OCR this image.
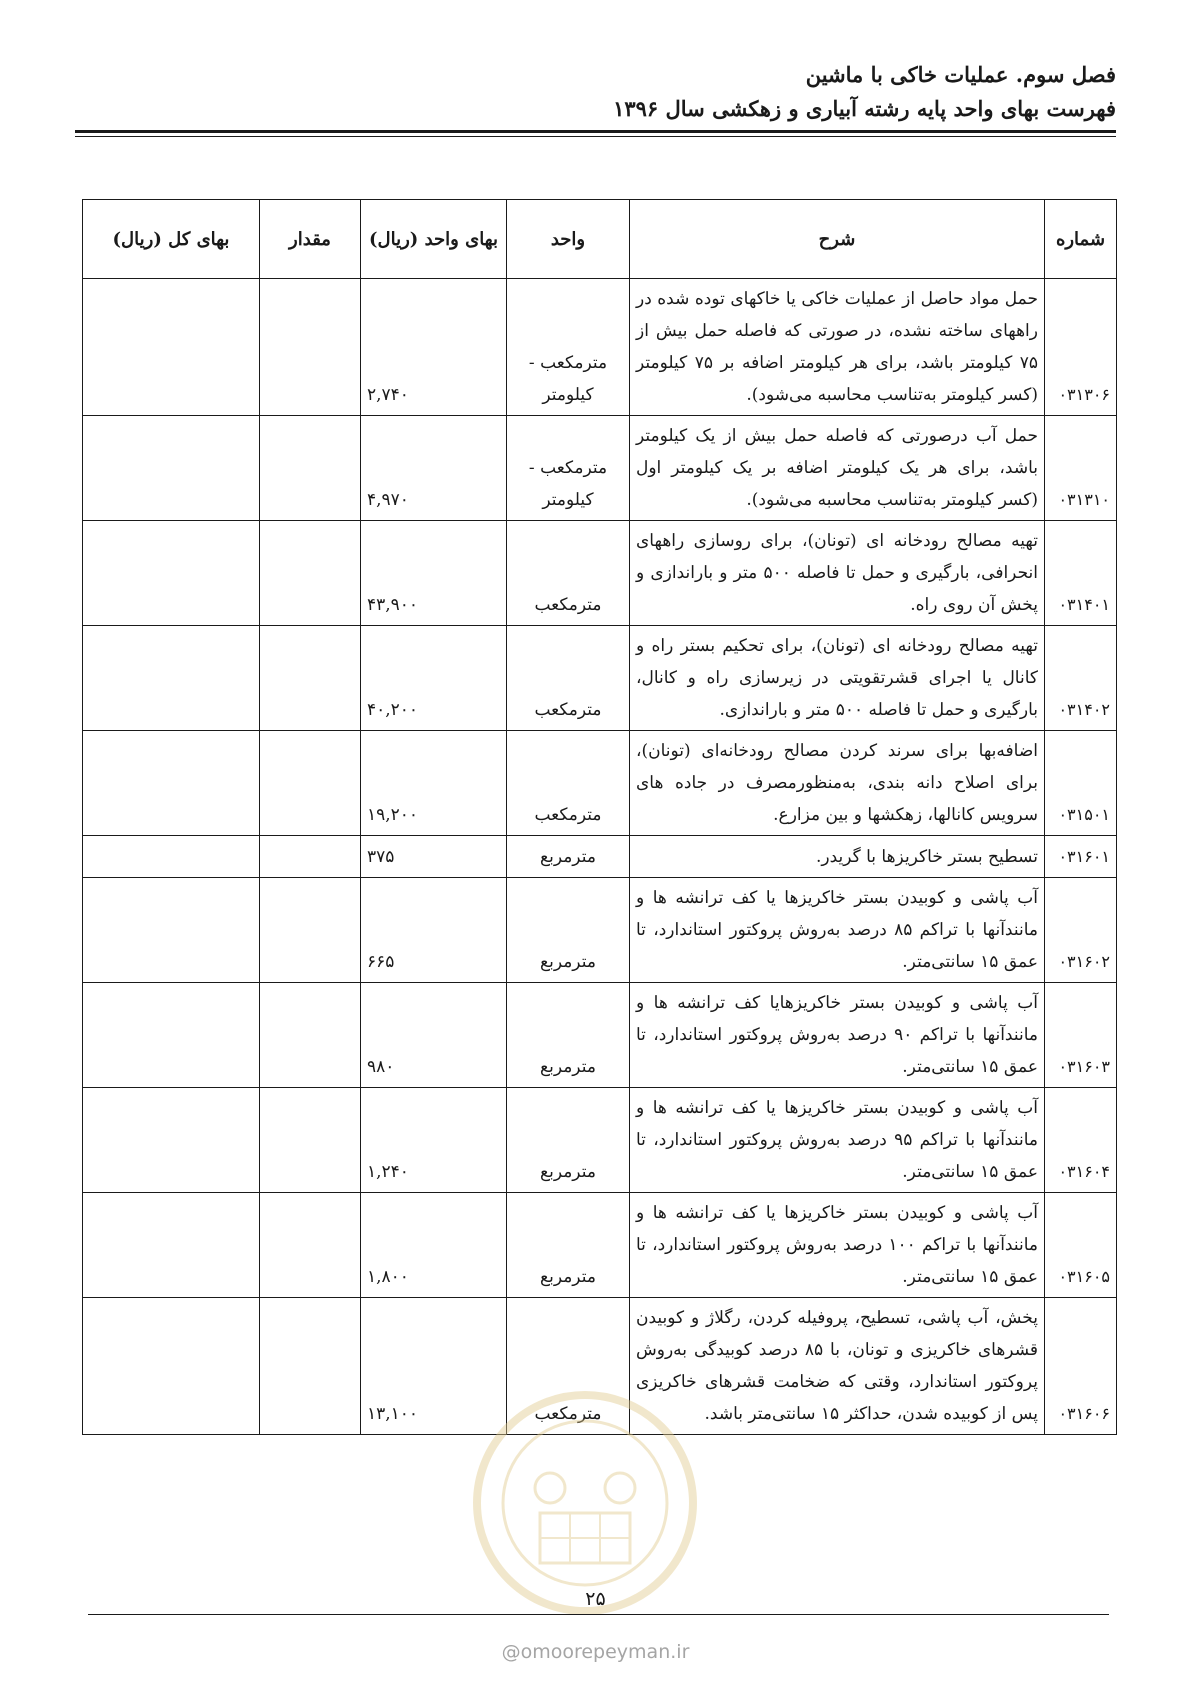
فصل سوم. عملیات خاکی با ماشین
فهرست بهای واحد پایه رشته آبیاری و زهکشی سال ۱۳۹۶
شماره	شرح	واحد	بهای واحد (ریال)	مقدار	بهای کل (ریال)
۰۳۱۳۰۶	حمل مواد حاصل از عملیات خاکی یا خاکهای توده شده در راههای ساخته نشده، در صورتی که فاصله حمل بیش از ۷۵ کیلومتر باشد، برای هر کیلومتر اضافه بر ۷۵ کیلومتر (کسر کیلومتر به‌تناسب محاسبه می‌شود).	مترمکعب - کیلومتر	۲,۷۴۰		
۰۳۱۳۱۰	حمل آب درصورتی که فاصله حمل بیش از یک کیلومتر باشد، برای هر یک کیلومتر اضافه بر یک کیلومتر اول (کسر کیلومتر به‌تناسب محاسبه می‌شود).	مترمکعب - کیلومتر	۴,۹۷۰		
۰۳۱۴۰۱	تهیه مصالح رودخانه ای (تونان)، برای روسازی راههای انحرافی، بارگیری و حمل تا فاصله ۵۰۰ متر و باراندازی و پخش آن روی راه.	مترمکعب	۴۳,۹۰۰		
۰۳۱۴۰۲	تهیه مصالح رودخانه ای (تونان)، برای تحکیم بستر راه و کانال یا اجرای قشرتقویتی در زیرسازی راه و کانال، بارگیری و حمل تا فاصله ۵۰۰ متر و باراندازی.	مترمکعب	۴۰,۲۰۰		
۰۳۱۵۰۱	اضافه‌بها برای سرند کردن مصالح رودخانه‌ای (تونان)، برای اصلاح دانه بندی، به‌منظورمصرف در جاده های سرویس کانالها، زهکشها و بین مزارع.	مترمکعب	۱۹,۲۰۰		
۰۳۱۶۰۱	تسطیح بستر خاکریزها با گریدر.	مترمربع	۳۷۵		
۰۳۱۶۰۲	آب پاشی و کوبیدن بستر خاکریزها یا کف ترانشه ها و مانندآنها با تراکم ۸۵ درصد به‌روش پروکتور استاندارد، تا عمق ۱۵ سانتی‌متر.	مترمربع	۶۶۵		
۰۳۱۶۰۳	آب پاشی و کوبیدن بستر خاکریزهایا کف ترانشه ها و مانندآنها با تراکم ۹۰ درصد به‌روش پروکتور استاندارد، تا عمق ۱۵ سانتی‌متر.	مترمربع	۹۸۰		
۰۳۱۶۰۴	آب پاشی و کوبیدن بستر خاکریزها یا کف ترانشه ها و مانندآنها با تراکم ۹۵ درصد به‌روش پروکتور استاندارد، تا عمق ۱۵ سانتی‌متر.	مترمربع	۱,۲۴۰		
۰۳۱۶۰۵	آب پاشی و کوبیدن بستر خاکریزها یا کف ترانشه ها و مانندآنها با تراکم ۱۰۰ درصد به‌روش پروکتور استاندارد، تا عمق ۱۵ سانتی‌متر.	مترمربع	۱,۸۰۰		
۰۳۱۶۰۶	پخش، آب پاشی، تسطیح، پروفیله کردن، رگلاژ و کوبیدن قشرهای خاکریزی و تونان، با ۸۵ درصد کوبیدگی به‌روش پروکتور استاندارد، وقتی که ضخامت قشرهای خاکریزی پس از کوبیده شدن، حداکثر ۱۵ سانتی‌متر باشد.	مترمکعب	۱۳,۱۰۰		
۲۵
@omoorepeyman.ir
